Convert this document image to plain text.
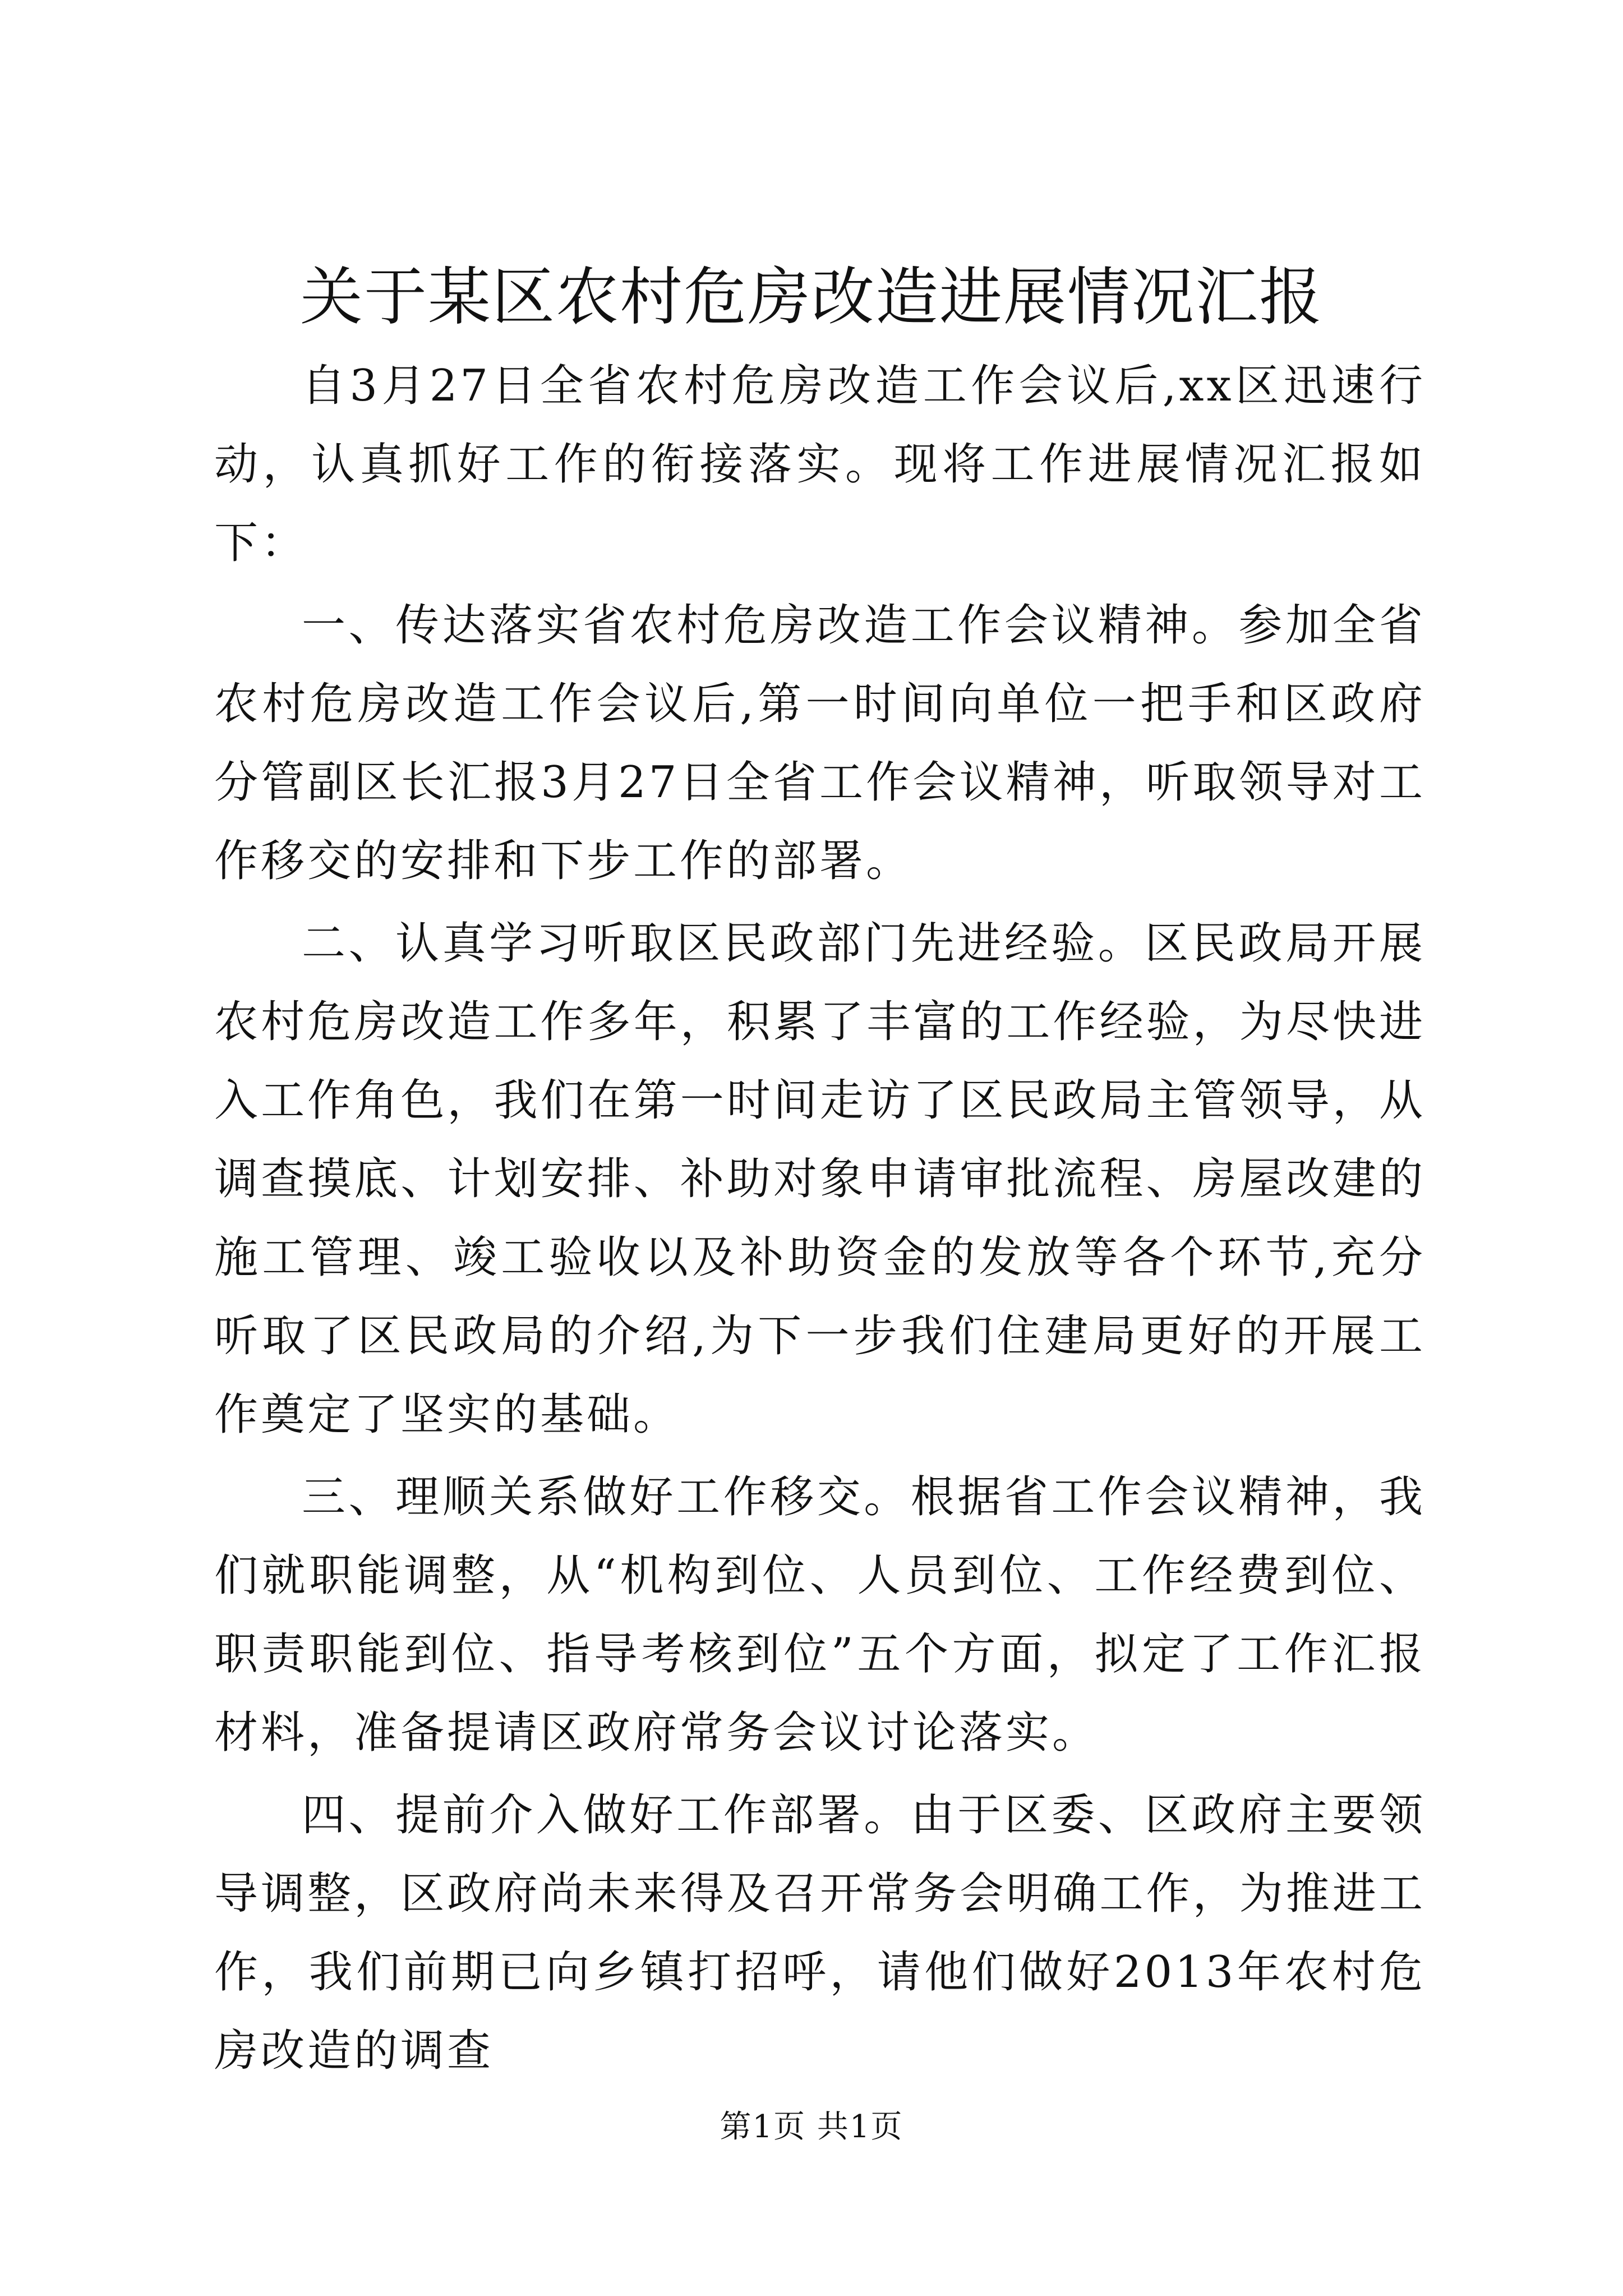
关于某区农村危房改造进展情况汇报

自3月27日全省农村危房改造工作会议后,xx区迅速行动，认真抓好工作的衔接落实。现将工作进展情况汇报如下：

一、传达落实省农村危房改造工作会议精神。参加全省农村危房改造工作会议后,第一时间向单位一把手和区政府分管副区长汇报3月27日全省工作会议精神，听取领导对工作移交的安排和下步工作的部署。

二、认真学习听取区民政部门先进经验。区民政局开展农村危房改造工作多年，积累了丰富的工作经验，为尽快进入工作角色，我们在第一时间走访了区民政局主管领导，从调查摸底、计划安排、补助对象申请审批流程、房屋改建的施工管理、竣工验收以及补助资金的发放等各个环节,充分听取了区民政局的介绍,为下一步我们住建局更好的开展工作奠定了坚实的基础。

三、理顺关系做好工作移交。根据省工作会议精神，我们就职能调整，从“机构到位、人员到位、工作经费到位、职责职能到位、指导考核到位”五个方面，拟定了工作汇报材料，准备提请区政府常务会议讨论落实。

四、提前介入做好工作部署。由于区委、区政府主要领导调整，区政府尚未来得及召开常务会明确工作，为推进工作，我们前期已向乡镇打招呼，请他们做好2013年农村危房改造的调查

第1页 共1页
